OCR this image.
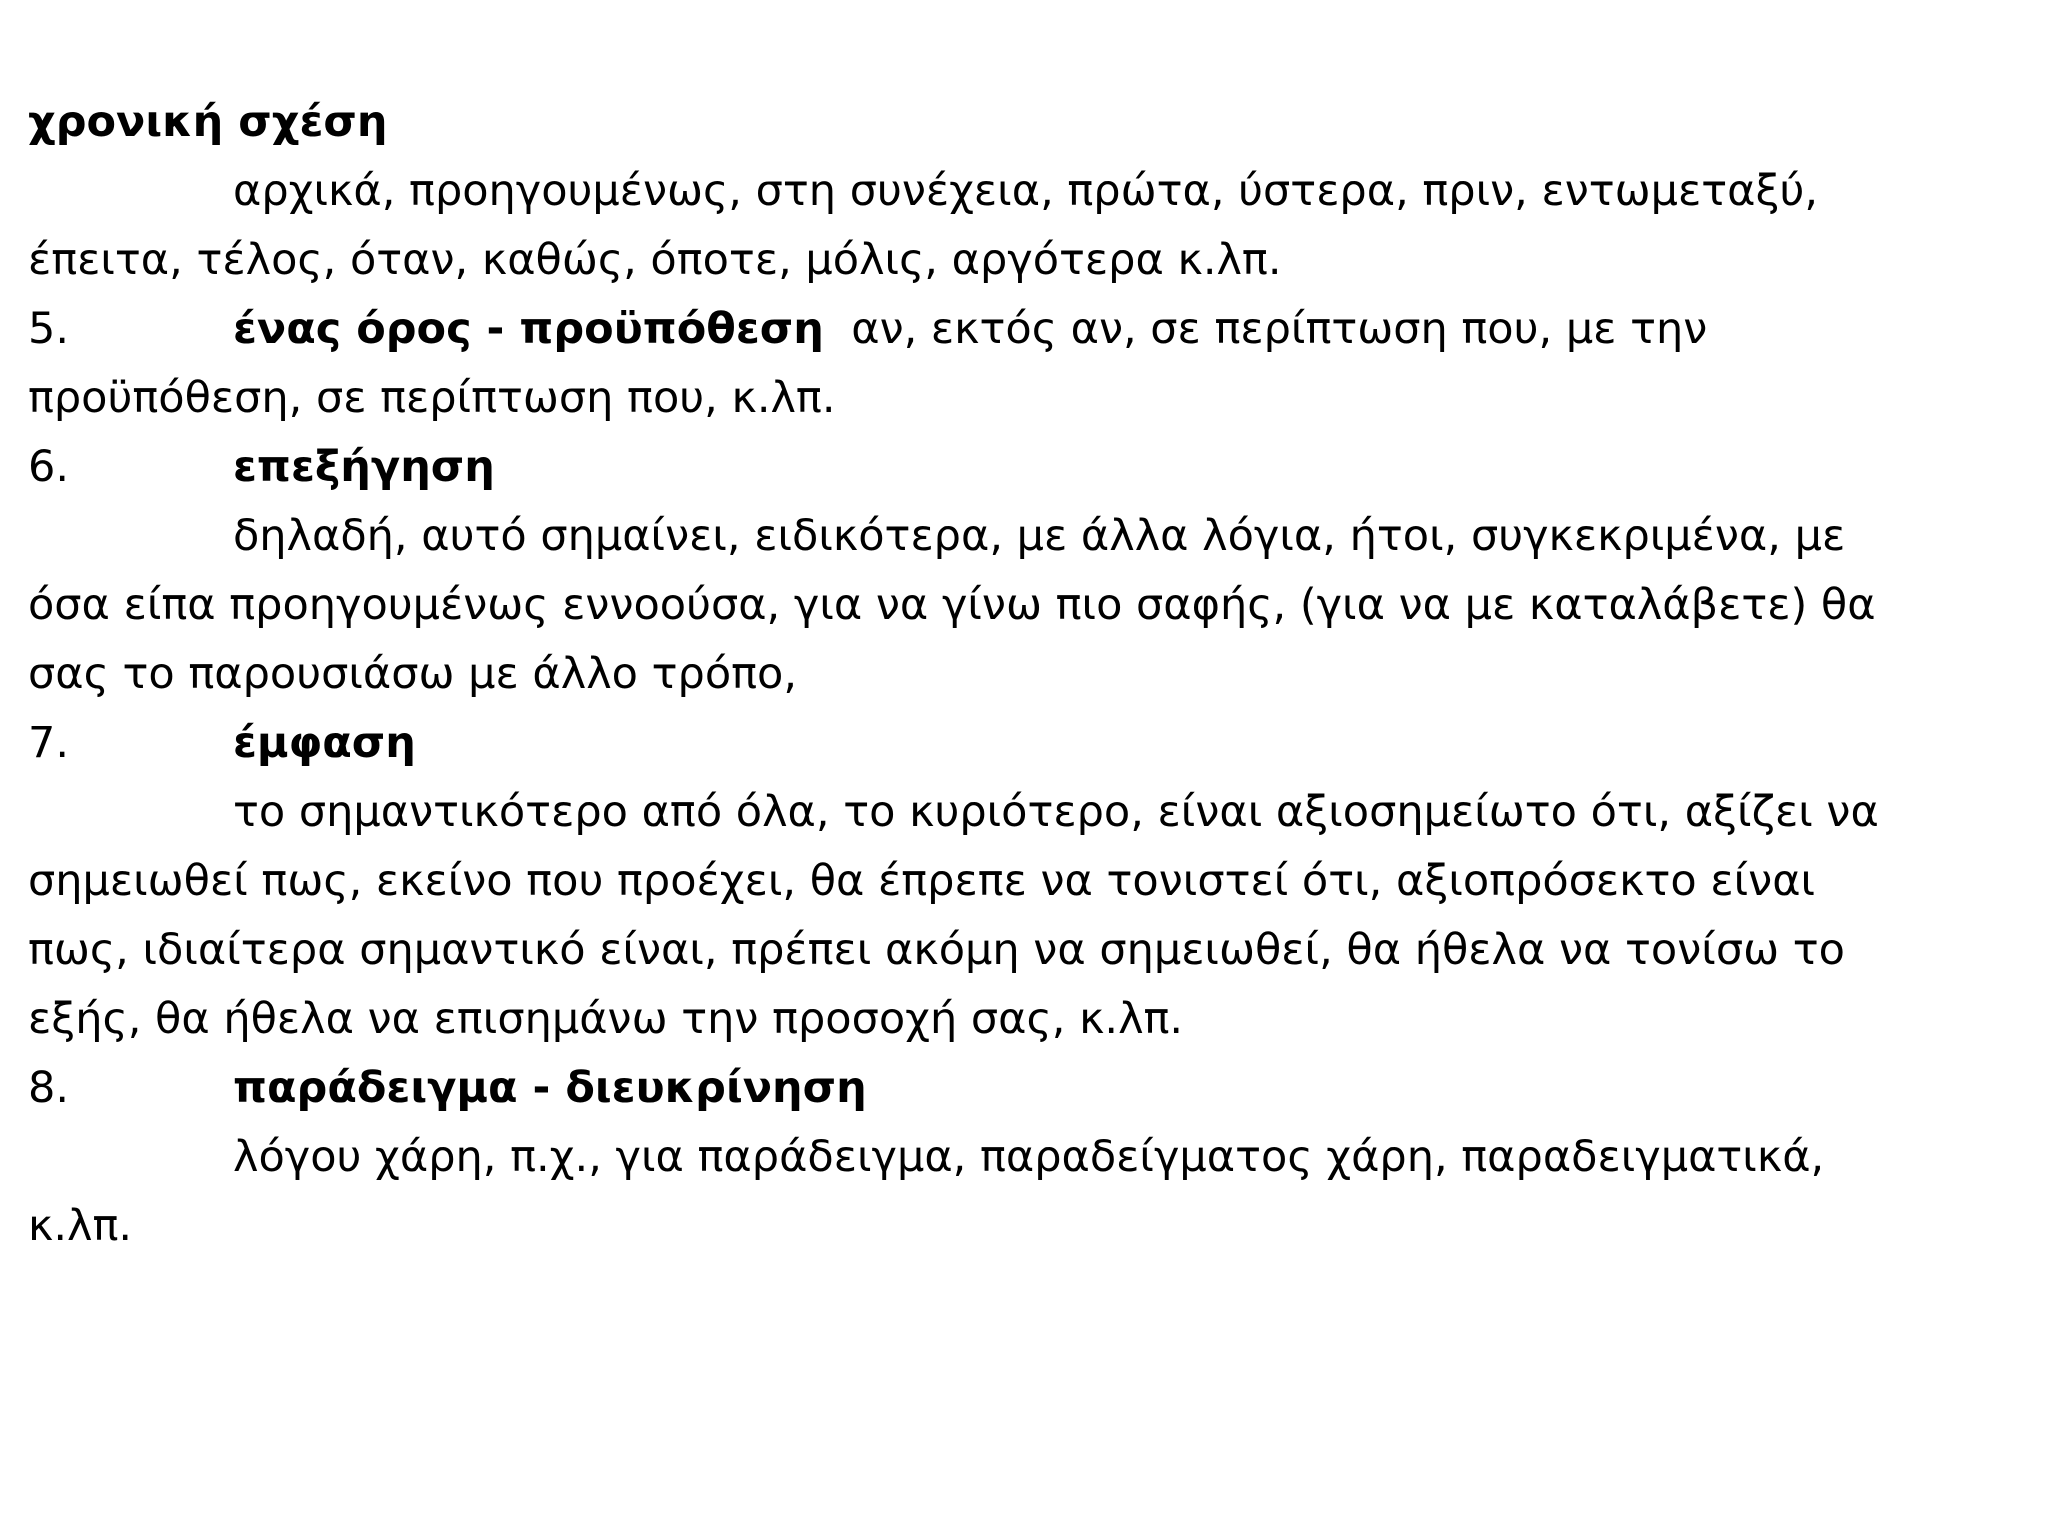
χρονική σχέση
αρχικά, προηγουμένως, στη συνέχεια, πρώτα, ύστερα, πριν, εντωμεταξύ,
έπειτα, τέλος, όταν, καθώς, όποτε, μόλις, αργότερα κ.λπ.
5.	ένας όρος - προϋπόθεση αν, εκτός αν, σε περίπτωση που, με την
προϋπόθεση, σε περίπτωση που, κ.λπ.
6.	επεξήγηση
δηλαδή, αυτό σημαίνει, ειδικότερα, με άλλα λόγια, ήτοι, συγκεκριμένα, με
όσα είπα προηγουμένως εννοούσα, για να γίνω πιο σαφής, (για να με καταλάβετε) θα
σας το παρουσιάσω με άλλο τρόπο,
7.	έμφαση
το σημαντικότερο από όλα, το κυριότερο, είναι αξιοσημείωτο ότι, αξίζει να
σημειωθεί πως, εκείνο που προέχει, θα έπρεπε να τονιστεί ότι, αξιοπρόσεκτο είναι
πως, ιδιαίτερα σημαντικό είναι, πρέπει ακόμη να σημειωθεί, θα ήθελα να τονίσω το
εξής, θα ήθελα να επισημάνω την προσοχή σας, κ.λπ.
8.	παράδειγμα - διευκρίνηση
λόγου χάρη, π.χ., για παράδειγμα, παραδείγματος χάρη, παραδειγματικά,
κ.λπ.
